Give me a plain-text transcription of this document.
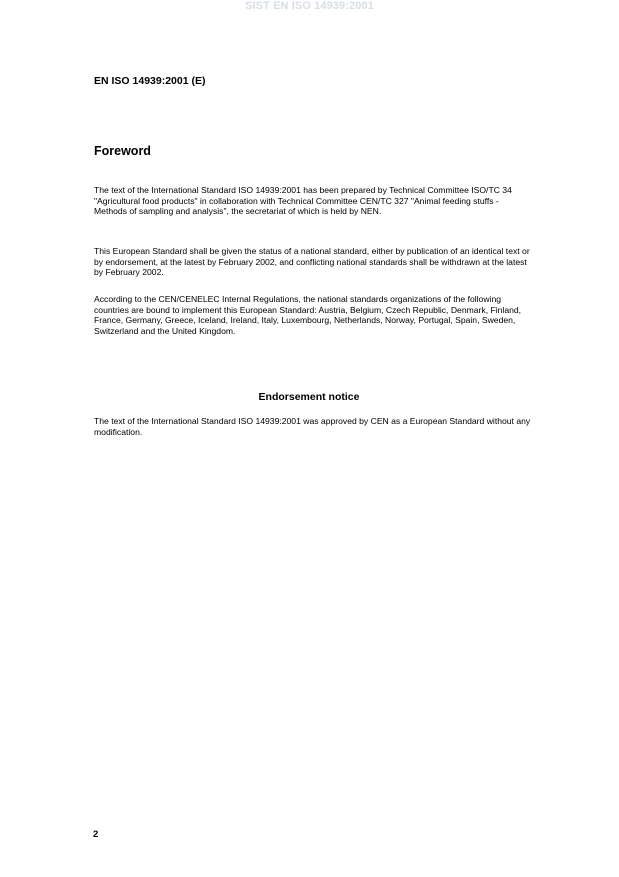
SIST EN ISO 14939:2001
EN ISO 14939:2001 (E)
Foreword

The text of the International Standard ISO 14939:2001 has been prepared by Technical Committee ISO/TC 34 "Agricultural food products" in collaboration with Technical Committee CEN/TC 327 "Animal feeding stuffs - Methods of sampling and analysis", the secretariat of which is held by NEN.

This European Standard shall be given the status of a national standard, either by publication of an identical text or by endorsement, at the latest by February 2002, and conflicting national standards shall be withdrawn at the latest by February 2002.

According to the CEN/CENELEC Internal Regulations, the national standards organizations of the following countries are bound to implement this European Standard: Austria, Belgium, Czech Republic, Denmark, Finland, France, Germany, Greece, Iceland, Ireland, Italy, Luxembourg, Netherlands, Norway, Portugal, Spain, Sweden, Switzerland and the United Kingdom.

Endorsement notice

The text of the International Standard ISO 14939:2001 was approved by CEN as a European Standard without any modification.

2
